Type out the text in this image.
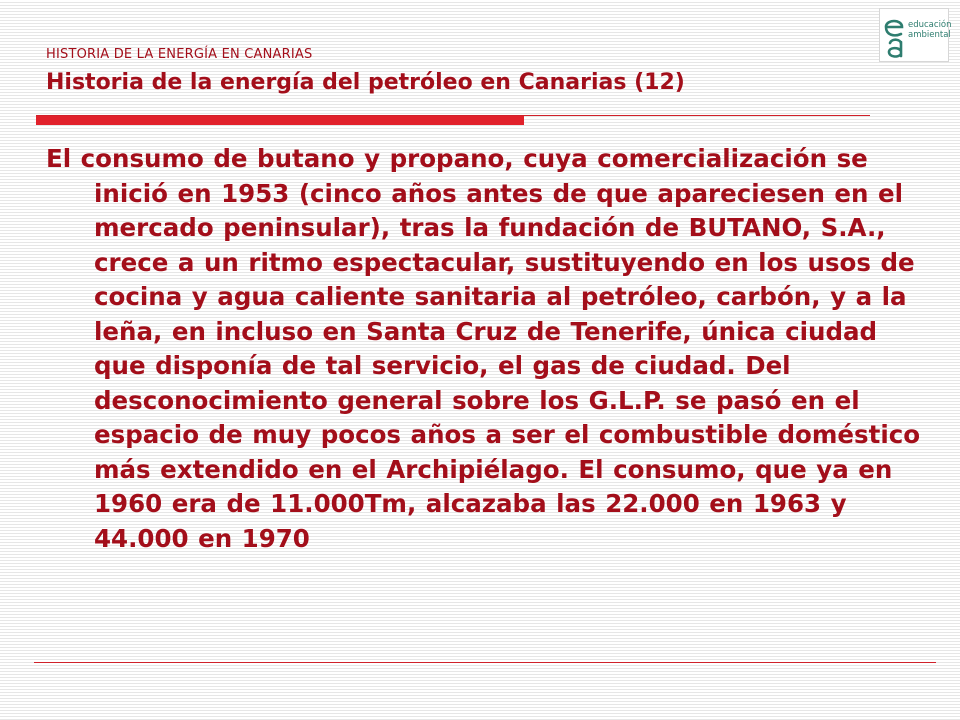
HISTORIA DE LA ENERGÍA EN CANARIAS
Historia de la energía del petróleo en Canarias (12)
El consumo de butano y propano, cuya comercialización se inició en 1953 (cinco años antes de que apareciesen en el mercado peninsular), tras la fundación de BUTANO, S.A., crece a un ritmo espectacular, sustituyendo en los usos de cocina y agua caliente sanitaria al petróleo, carbón, y a la leña, en incluso en Santa Cruz de Tenerife, única ciudad que disponía de tal servicio, el gas de ciudad. Del desconocimiento general sobre los G.L.P. se pasó en el espacio de muy pocos años a ser el combustible doméstico más extendido en el Archipiélago. El consumo, que ya en 1960 era de 11.000Tm, alcazaba las 22.000 en 1963 y 44.000 en 1970
educación
ambiental
